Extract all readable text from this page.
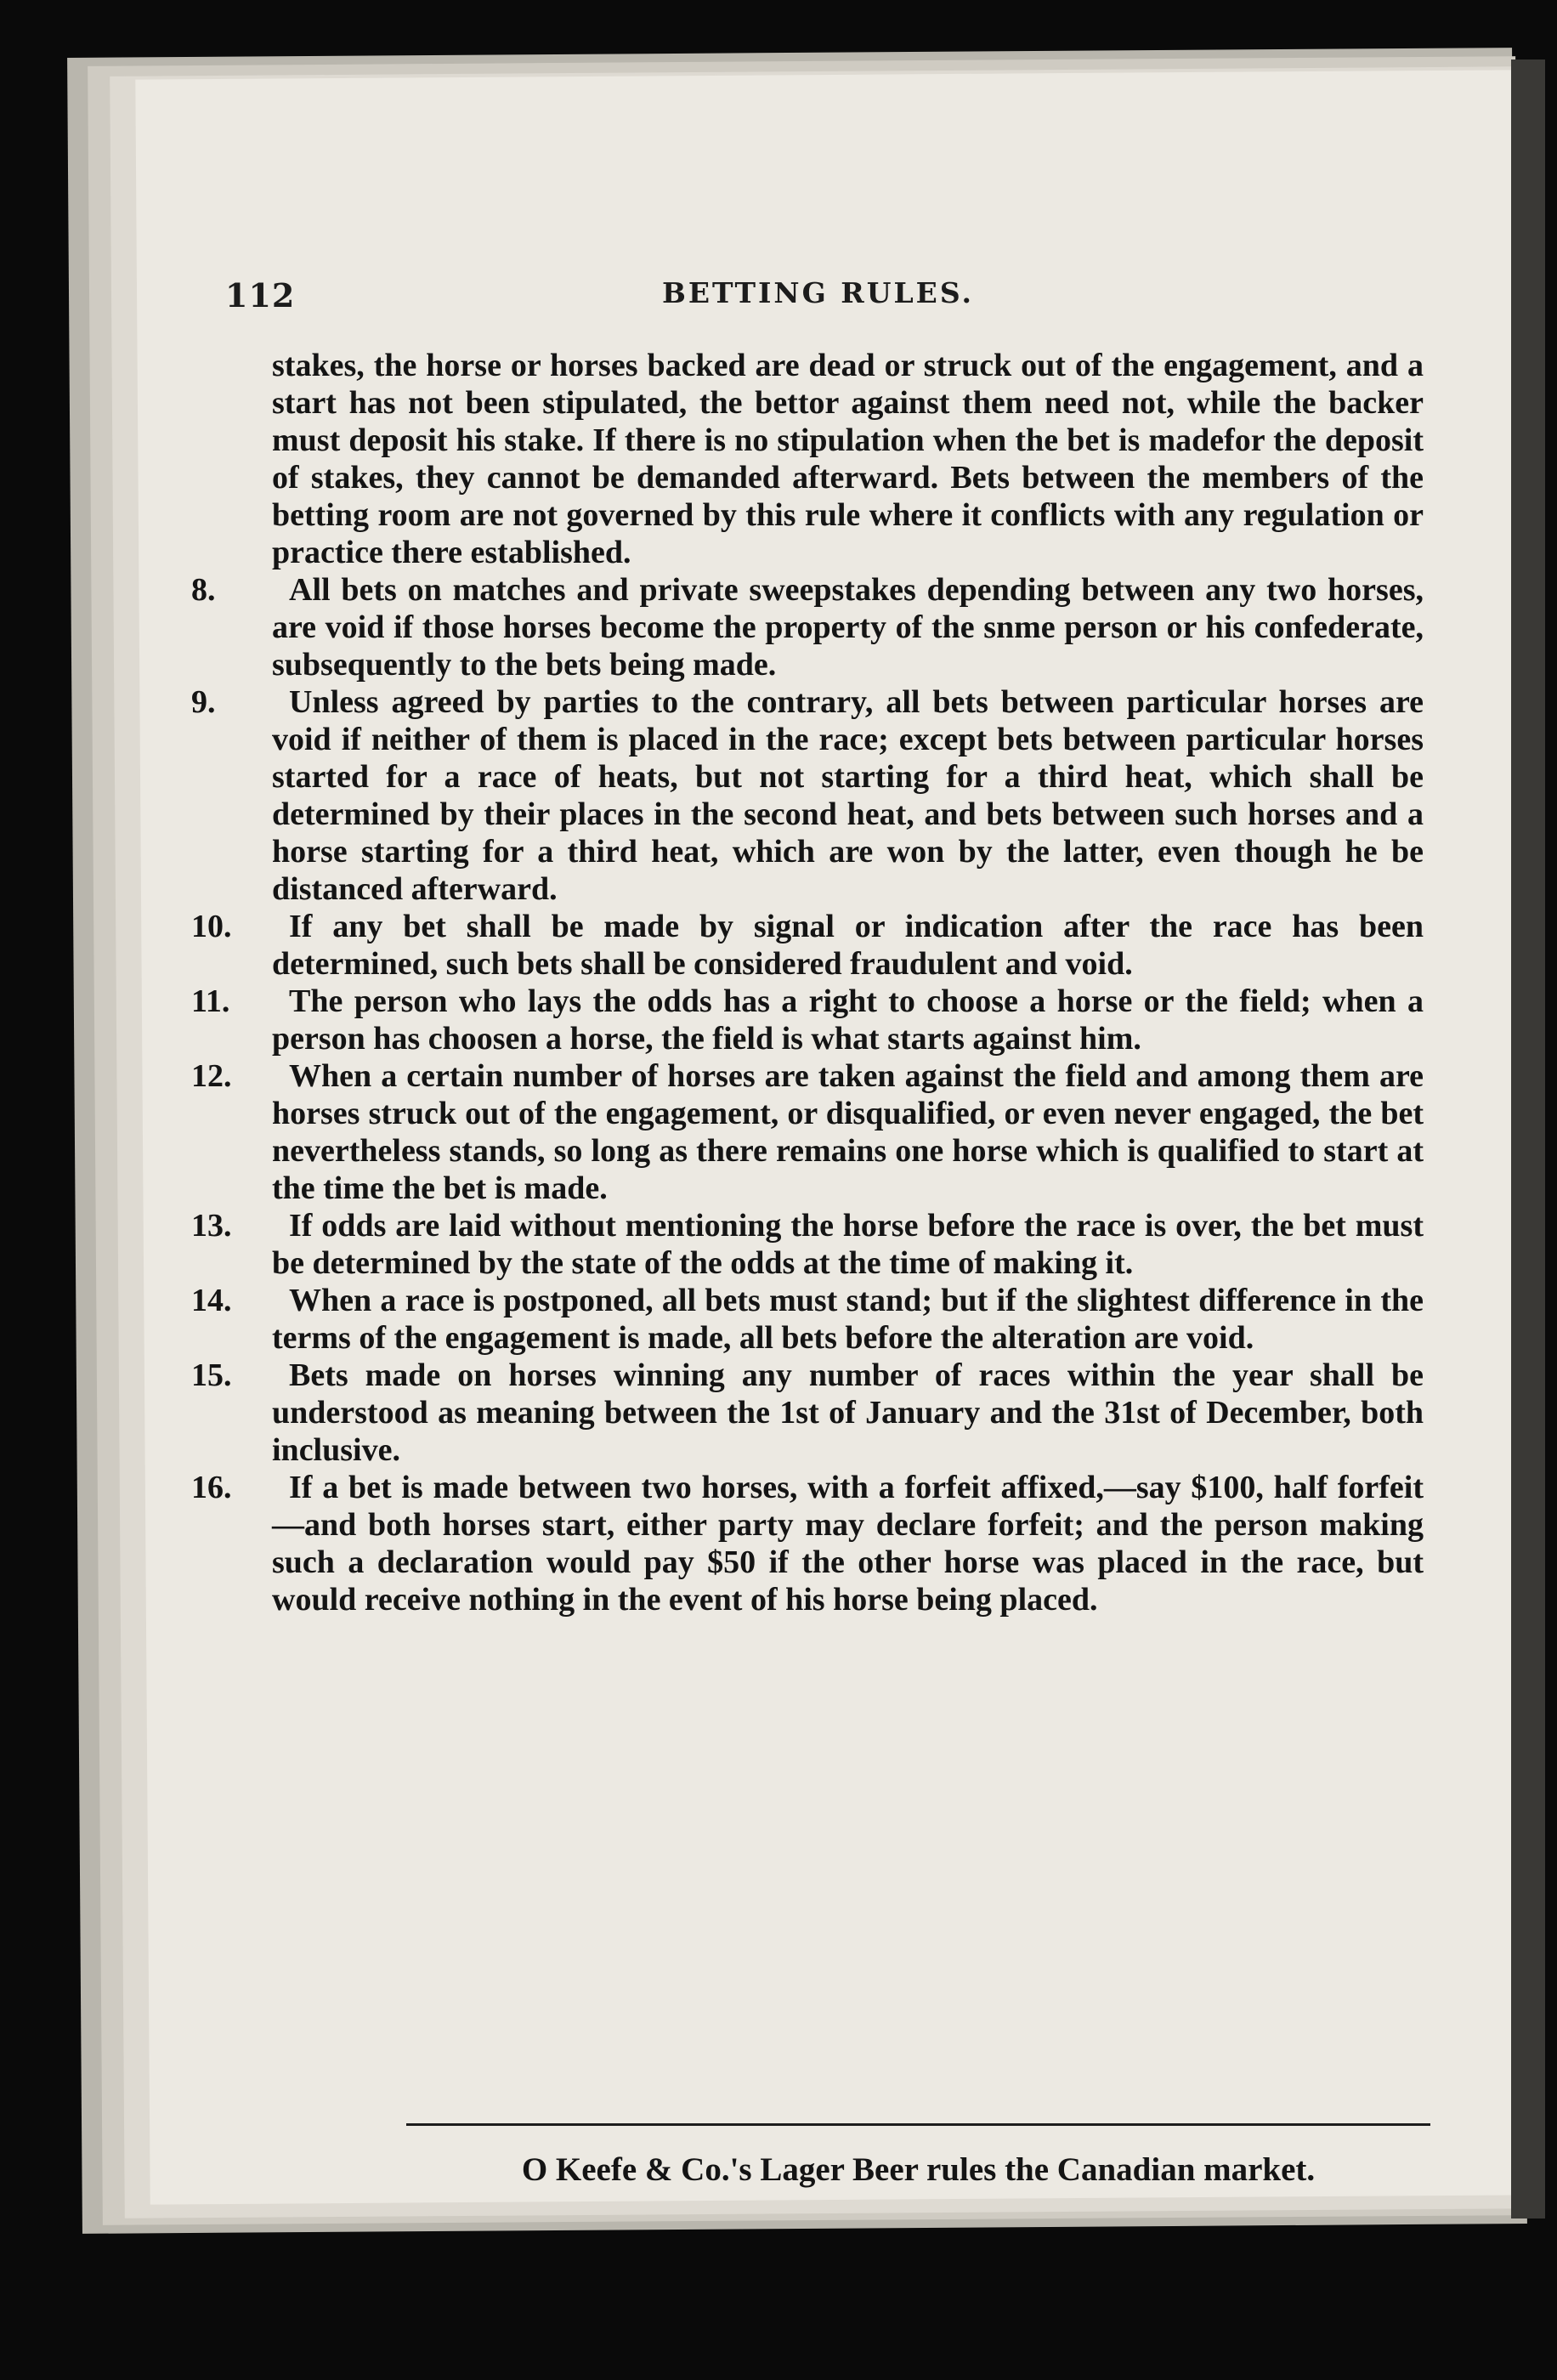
112	BETTING RULES.

stakes, the horse or horses backed are dead or struck out of the engagement, and a start has not been stipulated, the bettor against them need not, while the backer must deposit his stake. If there is no stipulation when the bet is madefor the deposit of stakes, they cannot be demanded afterward. Bets between the members of the betting room are not governed by this rule where it conflicts with any regulation or practice there established.

8. All bets on matches and private sweepstakes depending between any two horses, are void if those horses become the property of the snme person or his confederate, subsequently to the bets being made.
9. Unless agreed by parties to the contrary, all bets between particular horses are void if neither of them is placed in the race; except bets between particular horses started for a race of heats, but not starting for a third heat, which shall be determined by their places in the second heat, and bets between such horses and a horse starting for a third heat, which are won by the latter, even though he be distanced afterward.
10. If any bet shall be made by signal or indication after the race has been determined, such bets shall be considered fraudulent and void.
11. The person who lays the odds has a right to choose a horse or the field; when a person has choosen a horse, the field is what starts against him.
12. When a certain number of horses are taken against the field and among them are horses struck out of the engagement, or disqualified, or even never engaged, the bet nevertheless stands, so long as there remains one horse which is qualified to start at the time the bet is made.
13. If odds are laid without mentioning the horse before the race is over, the bet must be determined by the state of the odds at the time of making it.
14. When a race is postponed, all bets must stand; but if the slightest difference in the terms of the engagement is made, all bets before the alteration are void.
15. Bets made on horses winning any number of races within the year shall be understood as meaning between the 1st of January and the 31st of December, both inclusive.
16. If a bet is made between two horses, with a forfeit affixed,—say $100, half forfeit—and both horses start, either party may declare forfeit; and the person making such a declaration would pay $50 if the other horse was placed in the race, but would receive nothing in the event of his horse being placed.
O Keefe & Co.'s Lager Beer rules the Canadian market.
